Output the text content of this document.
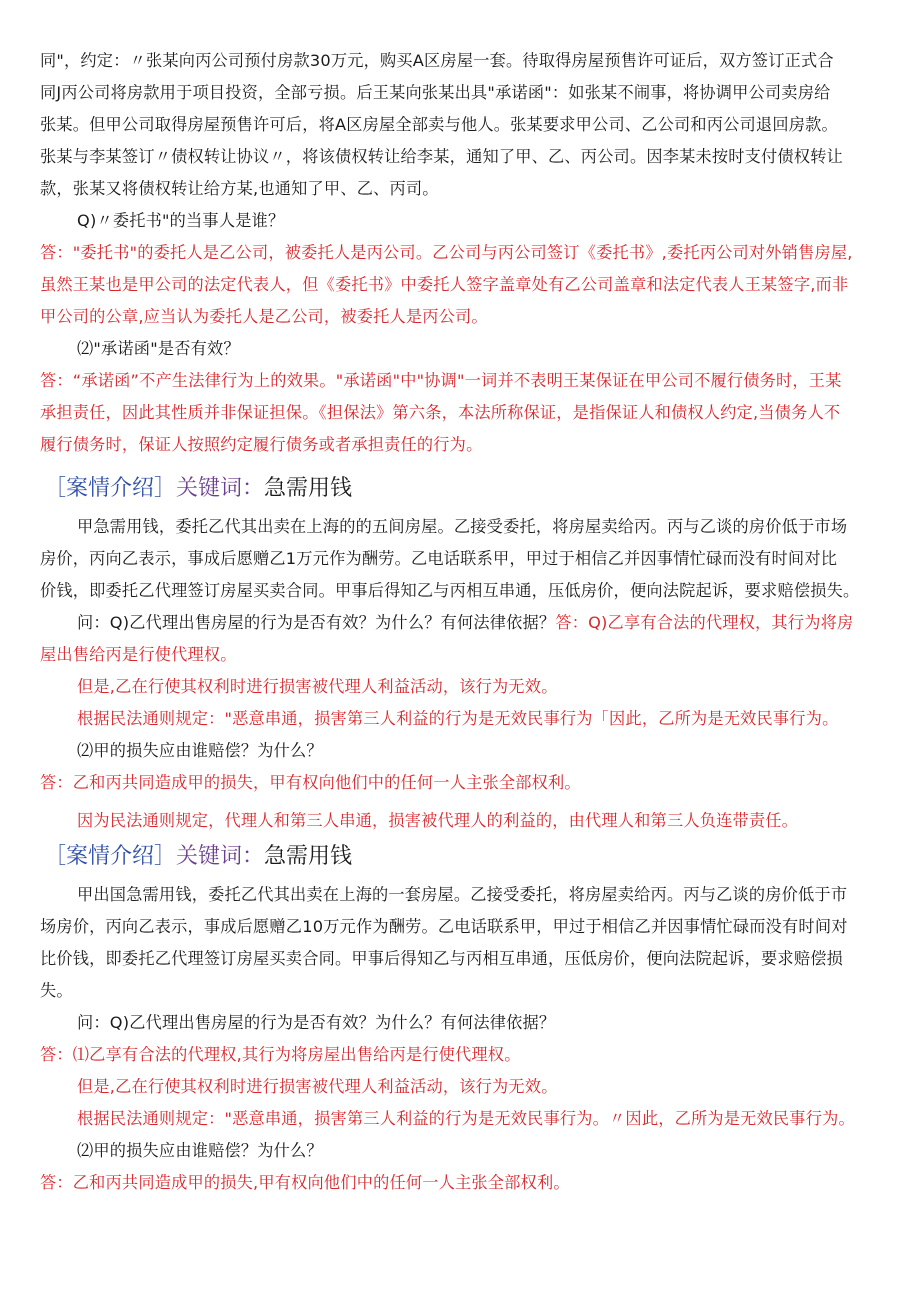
同"，约定：〃张某向丙公司预付房款30万元，购买A区房屋一套。待取得房屋预售许可证后，双方签订正式合
同J丙公司将房款用于项目投资，全部亏损。后王某向张某出具"承诺函"：如张某不闹事，将协调甲公司卖房给
张某。但甲公司取得房屋预售许可后，将A区房屋全部卖与他人。张某要求甲公司、乙公司和丙公司退回房款。
张某与李某签订〃债权转让协议〃，将该债权转让给李某，通知了甲、乙、丙公司。因李某未按时支付债权转让
款，张某又将债权转让给方某,也通知了甲、乙、丙司。
Q)〃委托书"的当事人是谁？
答："委托书"的委托人是乙公司，被委托人是丙公司。乙公司与丙公司签订《委托书》,委托丙公司对外销售房屋,
虽然王某也是甲公司的法定代表人，但《委托书》中委托人签字盖章处有乙公司盖章和法定代表人王某签字,而非
甲公司的公章,应当认为委托人是乙公司，被委托人是丙公司。
⑵"承诺函"是否有效？
答：“承诺函”不产生法律行为上的效果。"承诺函"中"协调"一词并不表明王某保证在甲公司不履行债务时，王某
承担责任，因此其性质并非保证担保。《担保法》第六条，本法所称保证，是指保证人和债权人约定,当债务人不
履行债务时，保证人按照约定履行债务或者承担责任的行为。
［案情介绍］关键词：急需用钱
甲急需用钱，委托乙代其出卖在上海的的五间房屋。乙接受委托，将房屋卖给丙。丙与乙谈的房价低于市场
房价，丙向乙表示，事成后愿赠乙1万元作为酬劳。乙电话联系甲，甲过于相信乙并因事情忙碌而没有时间对比
价钱，即委托乙代理签订房屋买卖合同。甲事后得知乙与丙相互串通，压低房价，便向法院起诉，要求赔偿损失。
问：Q)乙代理出售房屋的行为是否有效？为什么？有何法律依据？答：Q)乙享有合法的代理权，其行为将房
屋出售给丙是行使代理权。
但是,乙在行使其权利时进行损害被代理人利益活动，该行为无效。
根据民法通则规定："恶意串通，损害第三人利益的行为是无效民事行为「因此，乙所为是无效民事行为。
⑵甲的损失应由谁赔偿？为什么？
答：乙和丙共同造成甲的损失，甲有权向他们中的任何一人主张全部权利。
因为民法通则规定，代理人和第三人串通，损害被代理人的利益的，由代理人和第三人负连带责任。
［案情介绍］关键词：急需用钱
甲出国急需用钱，委托乙代其出卖在上海的一套房屋。乙接受委托，将房屋卖给丙。丙与乙谈的房价低于市
场房价，丙向乙表示，事成后愿赠乙10万元作为酬劳。乙电话联系甲，甲过于相信乙并因事情忙碌而没有时间对
比价钱，即委托乙代理签订房屋买卖合同。甲事后得知乙与丙相互串通，压低房价，便向法院起诉，要求赔偿损
失。
问：Q)乙代理出售房屋的行为是否有效？为什么？有何法律依据？
答：⑴乙享有合法的代理权,其行为将房屋出售给丙是行使代理权。
但是,乙在行使其权利时进行损害被代理人利益活动，该行为无效。
根据民法通则规定："恶意串通，损害第三人利益的行为是无效民事行为。〃因此，乙所为是无效民事行为。
⑵甲的损失应由谁赔偿？为什么？
答：乙和丙共同造成甲的损失,甲有权向他们中的任何一人主张全部权利。
